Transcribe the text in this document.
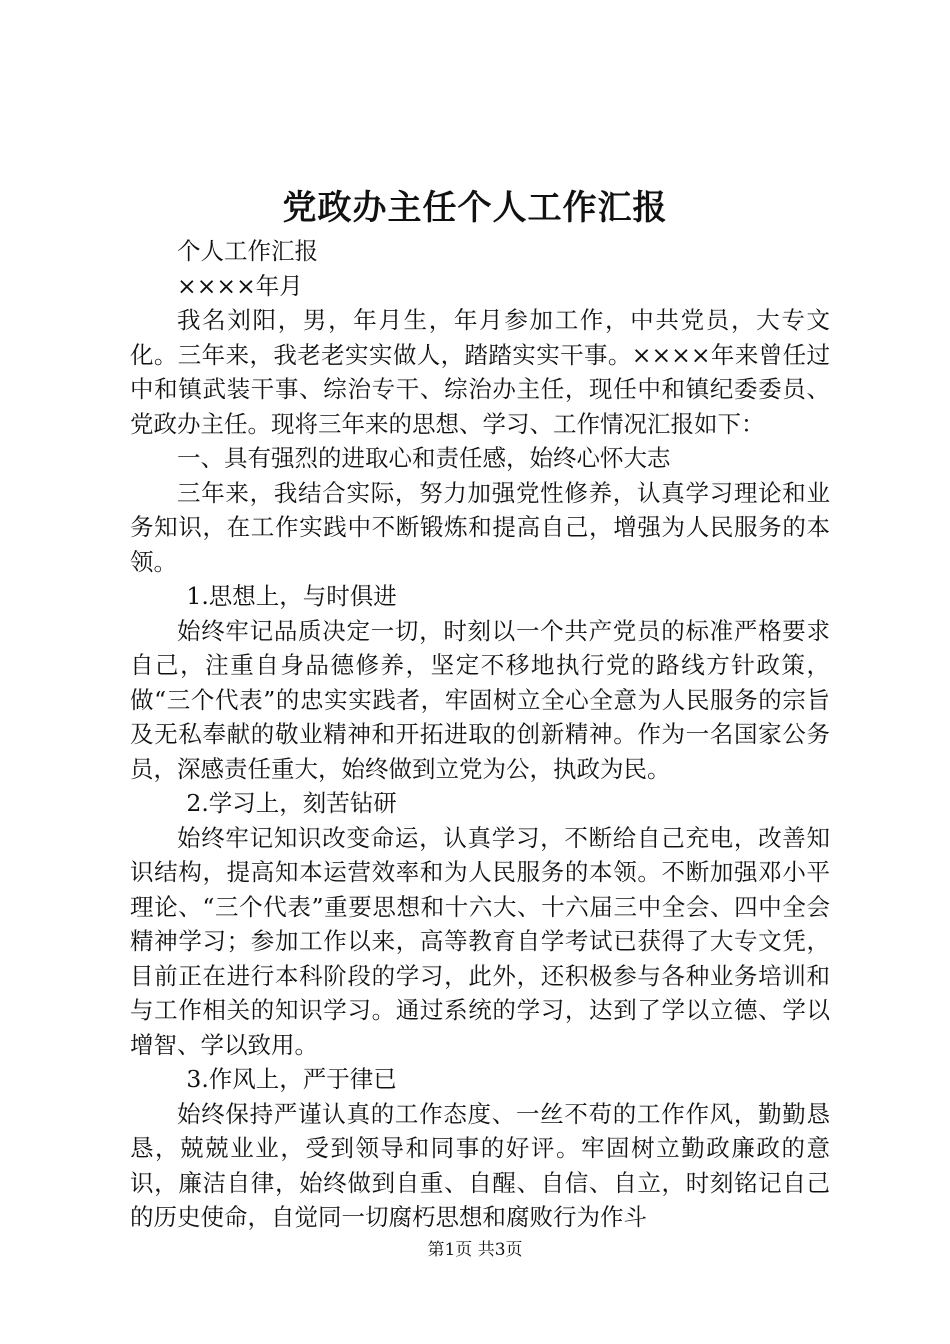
党政办主任个人工作汇报

个人工作汇报

××××年月

我名刘阳，男，年月生，年月参加工作，中共党员，大专文化。三年来，我老老实实做人，踏踏实实干事。××××年来曾任过中和镇武装干事、综治专干、综治办主任，现任中和镇纪委委员、党政办主任。现将三年来的思想、学习、工作情况汇报如下：

一、具有强烈的进取心和责任感，始终心怀大志

三年来，我结合实际，努力加强党性修养，认真学习理论和业务知识，在工作实践中不断锻炼和提高自己，增强为人民服务的本领。

1.思想上，与时俱进

始终牢记品质决定一切，时刻以一个共产党员的标准严格要求自己，注重自身品德修养，坚定不移地执行党的路线方针政策，做“三个代表”的忠实实践者，牢固树立全心全意为人民服务的宗旨及无私奉献的敬业精神和开拓进取的创新精神。作为一名国家公务员，深感责任重大，始终做到立党为公，执政为民。

2.学习上，刻苦钻研

始终牢记知识改变命运，认真学习，不断给自己充电，改善知识结构，提高知本运营效率和为人民服务的本领。不断加强邓小平理论、“三个代表”重要思想和十六大、十六届三中全会、四中全会精神学习；参加工作以来，高等教育自学考试已获得了大专文凭，目前正在进行本科阶段的学习，此外，还积极参与各种业务培训和与工作相关的知识学习。通过系统的学习，达到了学以立德、学以增智、学以致用。

3.作风上，严于律已

始终保持严谨认真的工作态度、一丝不苟的工作作风，勤勤恳恳，兢兢业业，受到领导和同事的好评。牢固树立勤政廉政的意识，廉洁自律，始终做到自重、自醒、自信、自立，时刻铭记自己的历史使命，自觉同一切腐朽思想和腐败行为作斗

第1页 共3页
